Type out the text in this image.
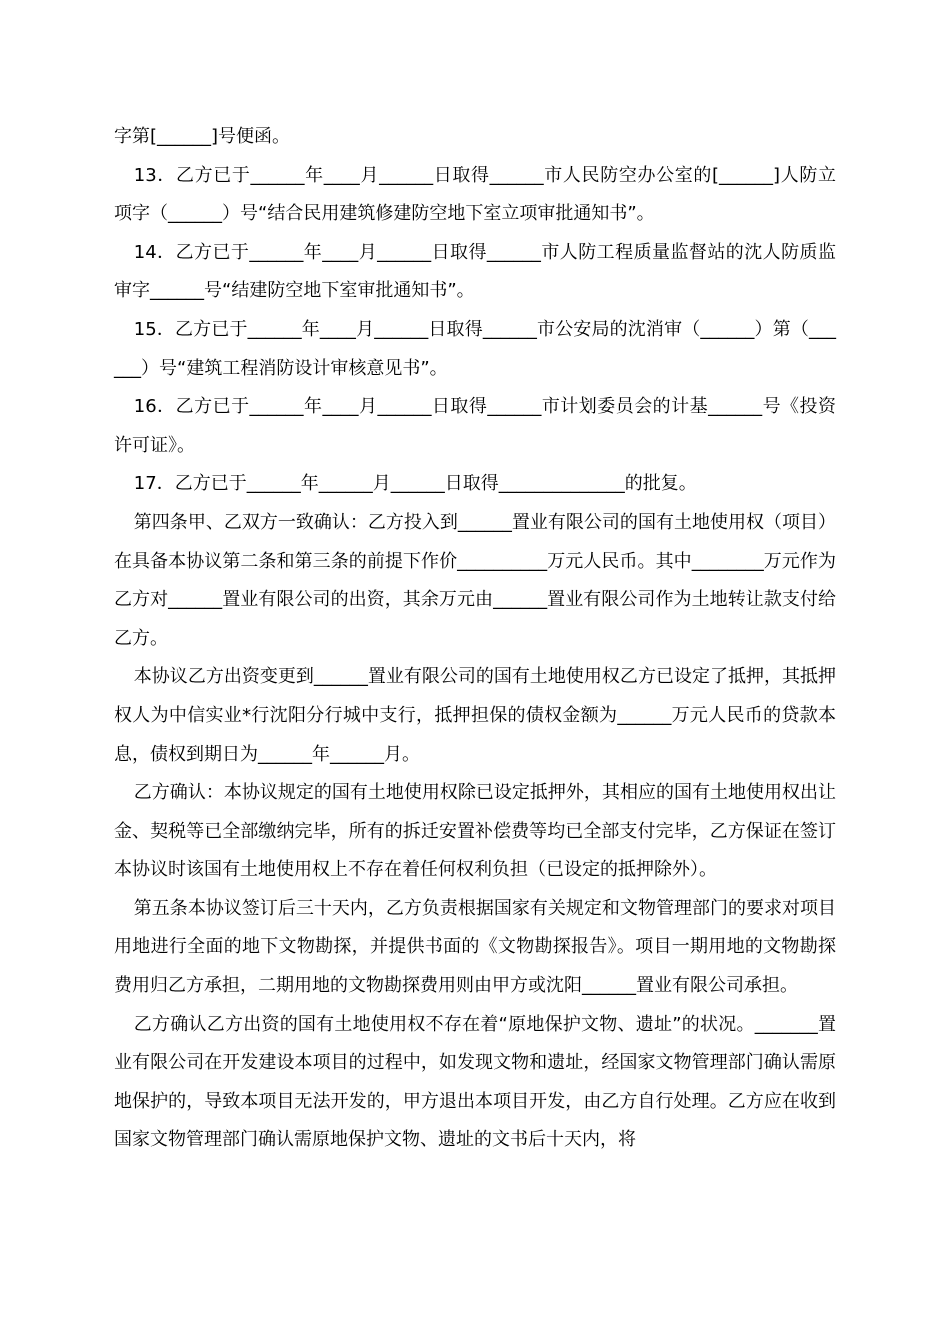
字第[______]号便函。

13．乙方已于______年____月______日取得______市人民防空办公室的[______]人防立项字（______）号“结合民用建筑修建防空地下室立项审批通知书”。

14．乙方已于______年____月______日取得______市人防工程质量监督站的沈人防质监审字______号“结建防空地下室审批通知书”。

15．乙方已于______年____月______日取得______市公安局的沈消审（______）第（______）号“建筑工程消防设计审核意见书”。

16．乙方已于______年____月______日取得______市计划委员会的计基______号《投资许可证》。

17．乙方已于______年______月______日取得______________的批复。

第四条甲、乙双方一致确认：乙方投入到______置业有限公司的国有土地使用权（项目）在具备本协议第二条和第三条的前提下作价__________万元人民币。其中________万元作为乙方对______置业有限公司的出资，其余万元由______置业有限公司作为土地转让款支付给乙方。

本协议乙方出资变更到______置业有限公司的国有土地使用权乙方已设定了抵押，其抵押权人为中信实业*行沈阳分行城中支行，抵押担保的债权金额为______万元人民币的贷款本息，债权到期日为______年______月。

乙方确认：本协议规定的国有土地使用权除已设定抵押外，其相应的国有土地使用权出让金、契税等已全部缴纳完毕，所有的拆迁安置补偿费等均已全部支付完毕，乙方保证在签订本协议时该国有土地使用权上不存在着任何权利负担（已设定的抵押除外）。

第五条本协议签订后三十天内，乙方负责根据国家有关规定和文物管理部门的要求对项目用地进行全面的地下文物勘探，并提供书面的《文物勘探报告》。项目一期用地的文物勘探费用归乙方承担，二期用地的文物勘探费用则由甲方或沈阳______置业有限公司承担。

乙方确认乙方出资的国有土地使用权不存在着“原地保护文物、遗址”的状况。_______置业有限公司在开发建设本项目的过程中，如发现文物和遗址，经国家文物管理部门确认需原地保护的，导致本项目无法开发的，甲方退出本项目开发，由乙方自行处理。乙方应在收到国家文物管理部门确认需原地保护文物、遗址的文书后十天内，将
